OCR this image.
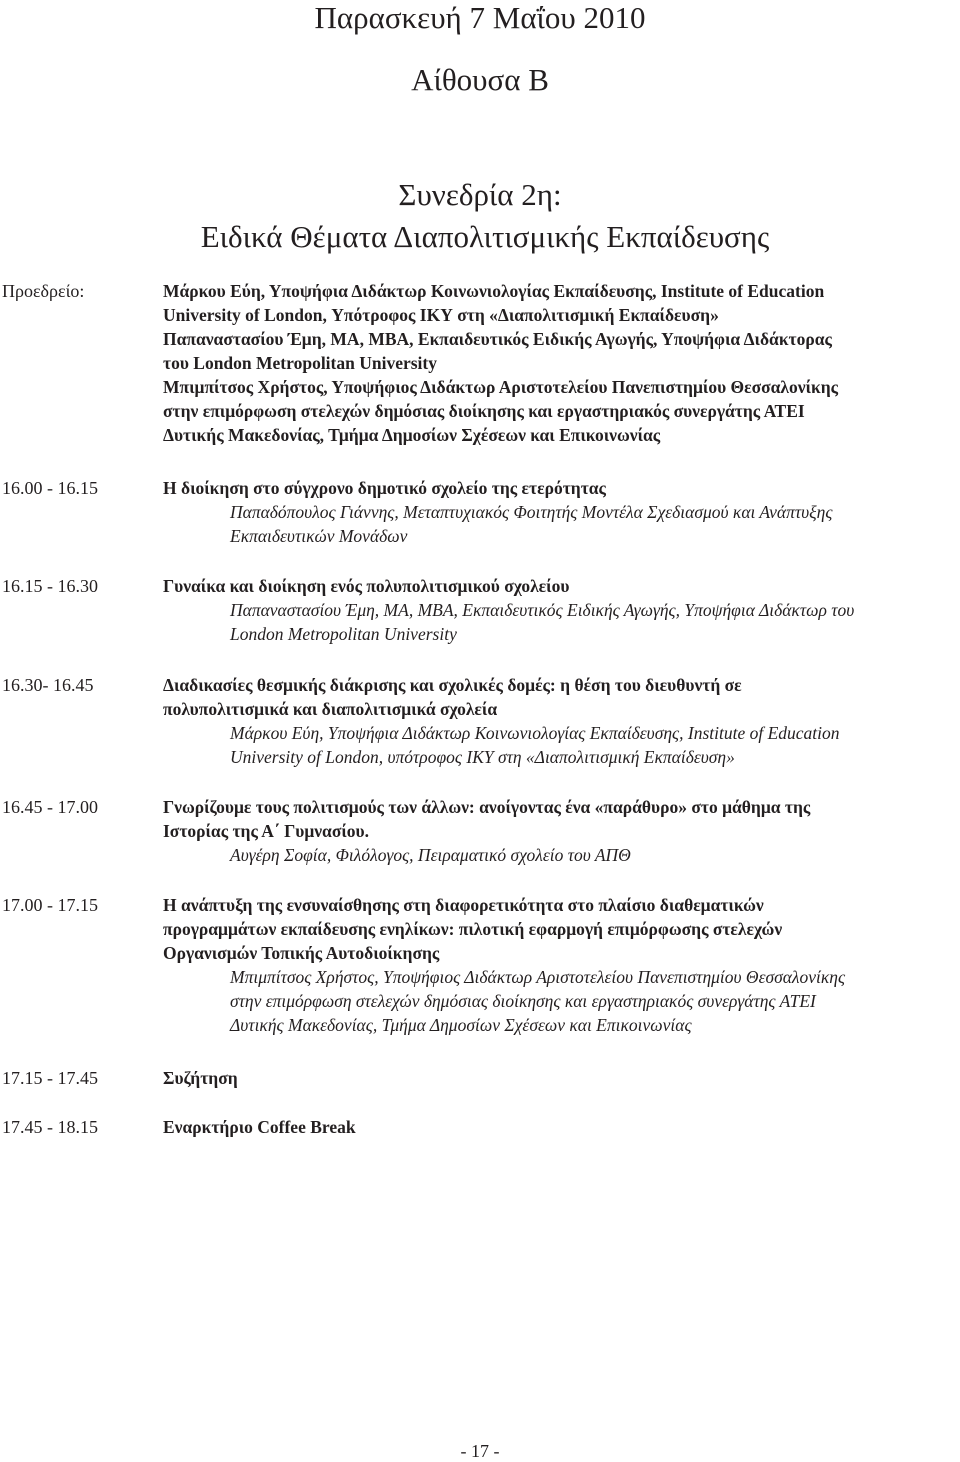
Παρασκευή 7 Μαΐου 2010
Αίθουσα Β
Συνεδρία 2η:
Ειδικά Θέματα Διαπολιτισμικής Εκπαίδευσης
Προεδρείο:	Μάρκου Εύη, Υποψήφια Διδάκτωρ Κοινωνιολογίας Εκπαίδευσης, Institute of Education
University of London, Υπότροφος ΙΚΥ στη «Διαπολιτισμική Εκπαίδευση»
Παπαναστασίου Έμη, ΜΑ, ΜΒΑ, Εκπαιδευτικός Ειδικής Αγωγής, Υποψήφια Διδάκτορας
του London Metropolitan University
Μπιμπίτσος Χρήστος, Υποψήφιος Διδάκτωρ Αριστοτελείου Πανεπιστημίου Θεσσαλονίκης
στην επιμόρφωση στελεχών δημόσιας διοίκησης και εργαστηριακός συνεργάτης ΑΤΕΙ
Δυτικής Μακεδονίας, Τμήμα Δημοσίων Σχέσεων και Επικοινωνίας
16.00 - 16.15	Η διοίκηση στο σύγχρονο δημοτικό σχολείο της ετερότητας
Παπαδόπουλος Γιάννης, Μεταπτυχιακός Φοιτητής Μοντέλα Σχεδιασμού και Ανάπτυξης
Εκπαιδευτικών Μονάδων
16.15 - 16.30	Γυναίκα και διοίκηση ενός πολυπολιτισμικού σχολείου
Παπαναστασίου Έμη, ΜΑ, ΜΒΑ, Εκπαιδευτικός Ειδικής Αγωγής, Υποψήφια Διδάκτωρ του
London Metropolitan University
16.30- 16.45	Διαδικασίες θεσμικής διάκρισης και σχολικές δομές: η θέση του διευθυντή σε
πολυπολιτισμικά και διαπολιτισμικά σχολεία
Μάρκου Εύη, Υποψήφια Διδάκτωρ Κοινωνιολογίας Εκπαίδευσης, Institute of Education
University of London, υπότροφος ΙΚΥ στη «Διαπολιτισμική Εκπαίδευση»
16.45 - 17.00	Γνωρίζουμε τους πολιτισμούς των άλλων: ανοίγοντας ένα «παράθυρο» στο μάθημα της
Ιστορίας της Α΄ Γυμνασίου.
Αυγέρη Σοφία, Φιλόλογος, Πειραματικό σχολείο του ΑΠΘ
17.00 - 17.15	Η ανάπτυξη της ενσυναίσθησης στη διαφορετικότητα στο πλαίσιο διαθεματικών
προγραμμάτων εκπαίδευσης ενηλίκων: πιλοτική εφαρμογή επιμόρφωσης στελεχών
Οργανισμών Τοπικής Αυτοδιοίκησης
Μπιμπίτσος Χρήστος, Υποψήφιος Διδάκτωρ Αριστοτελείου Πανεπιστημίου Θεσσαλονίκης
στην επιμόρφωση στελεχών δημόσιας διοίκησης και εργαστηριακός συνεργάτης ΑΤΕΙ
Δυτικής Μακεδονίας, Τμήμα Δημοσίων Σχέσεων και Επικοινωνίας
17.15 - 17.45	Συζήτηση
17.45 - 18.15	Εναρκτήριο Coffee Break
- 17 -
